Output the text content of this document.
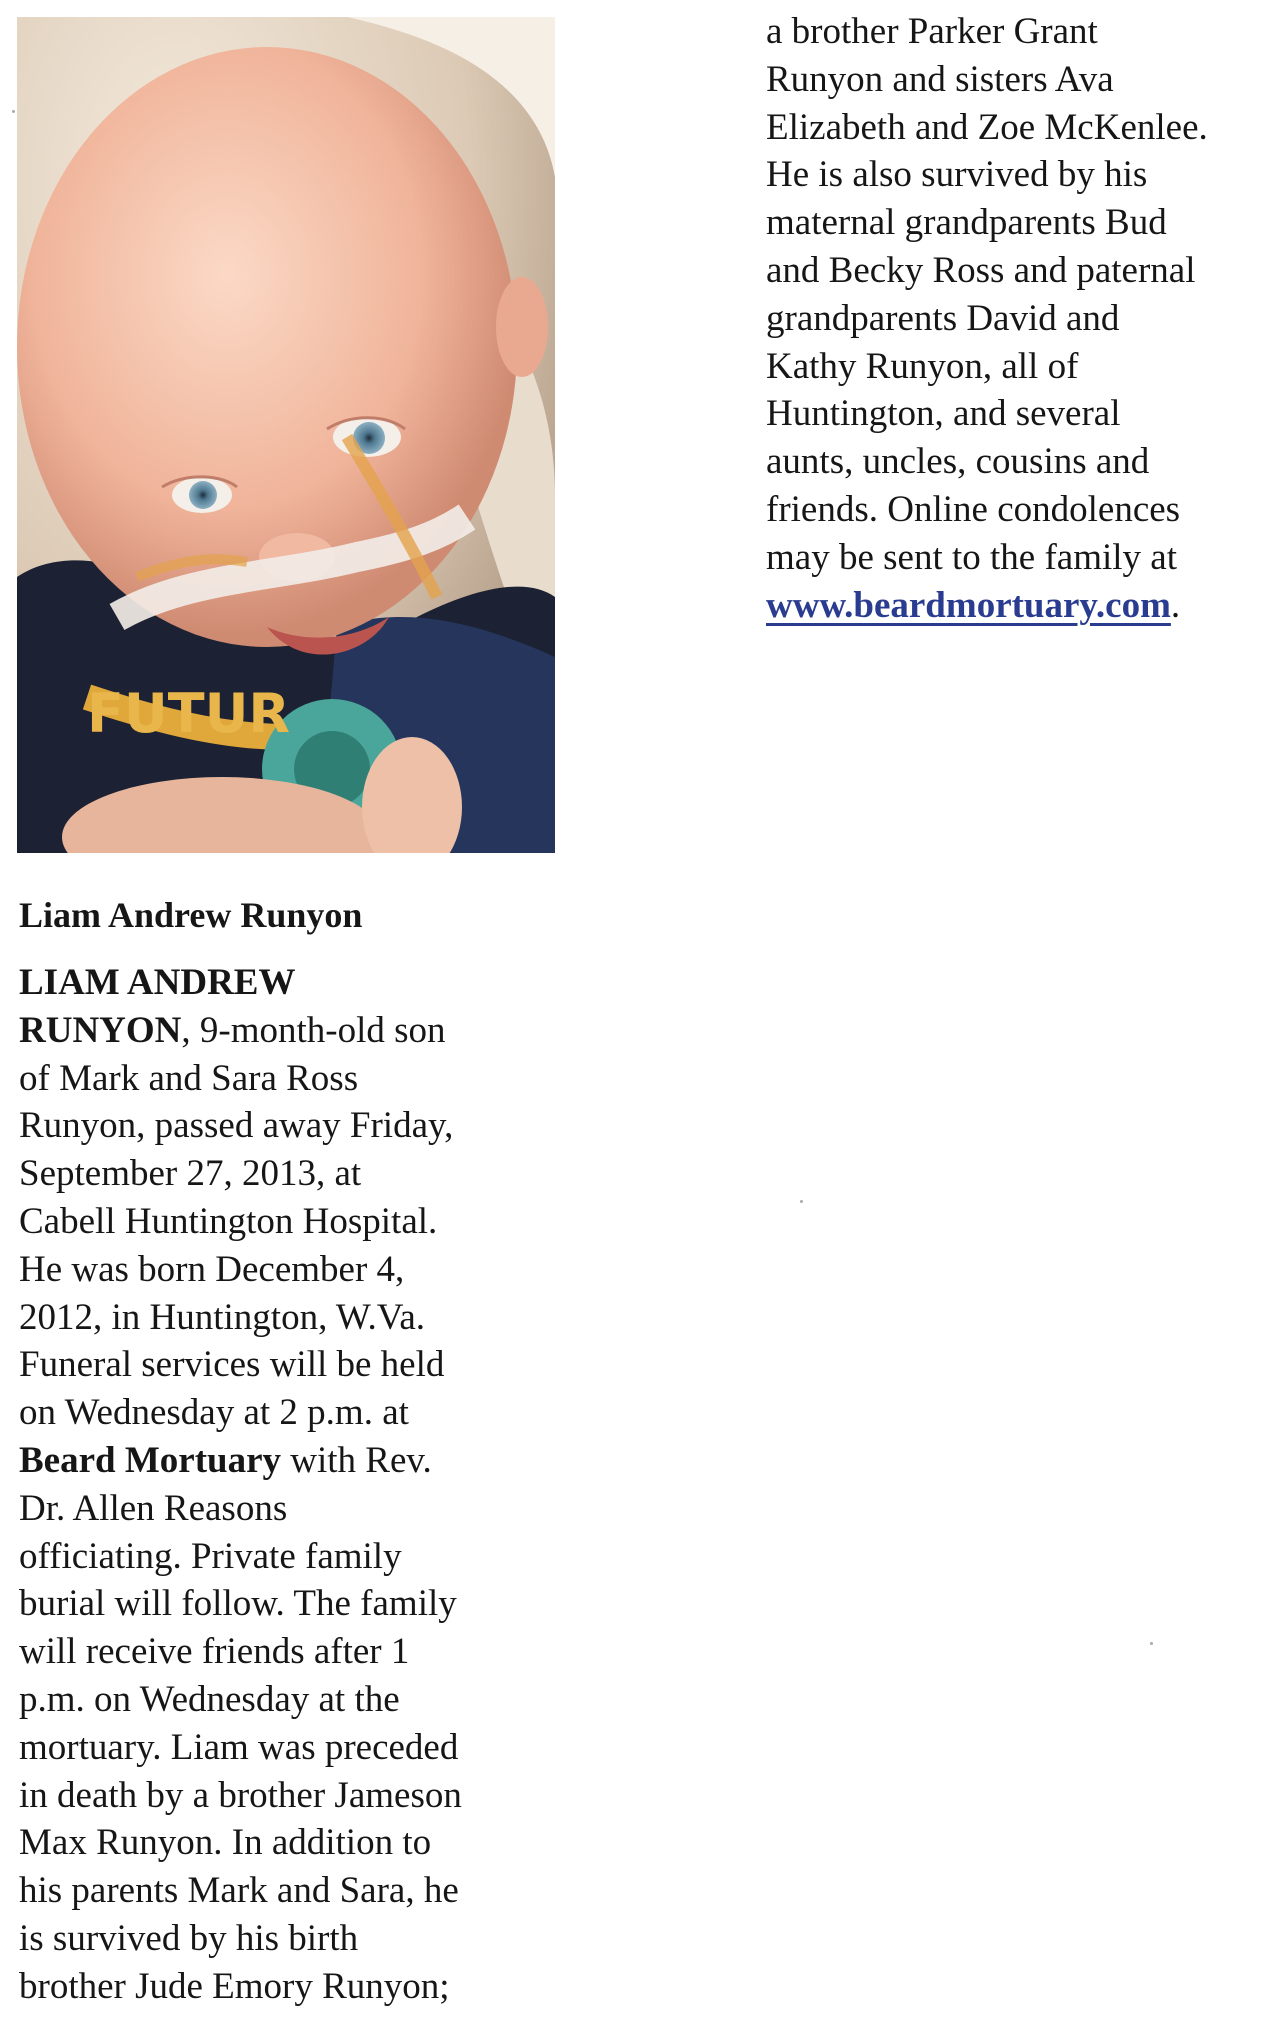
FUTUR
Liam Andrew Runyon

LIAM ANDREW
RUNYON, 9-month-old son
of Mark and Sara Ross
Runyon, passed away Friday,
September 27, 2013, at
Cabell Huntington Hospital.
He was born December 4,
2012, in Huntington, W.Va.
Funeral services will be held
on Wednesday at 2 p.m. at
Beard Mortuary with Rev.
Dr. Allen Reasons
officiating. Private family
burial will follow. The family
will receive friends after 1
p.m. on Wednesday at the
mortuary. Liam was preceded
in death by a brother Jameson
Max Runyon. In addition to
his parents Mark and Sara, he
is survived by his birth
brother Jude Emory Runyon;

a brother Parker Grant
Runyon and sisters Ava
Elizabeth and Zoe McKenlee.
He is also survived by his
maternal grandparents Bud
and Becky Ross and paternal
grandparents David and
Kathy Runyon, all of
Huntington, and several
aunts, uncles, cousins and
friends. Online condolences
may be sent to the family at
www.beardmortuary.com.
